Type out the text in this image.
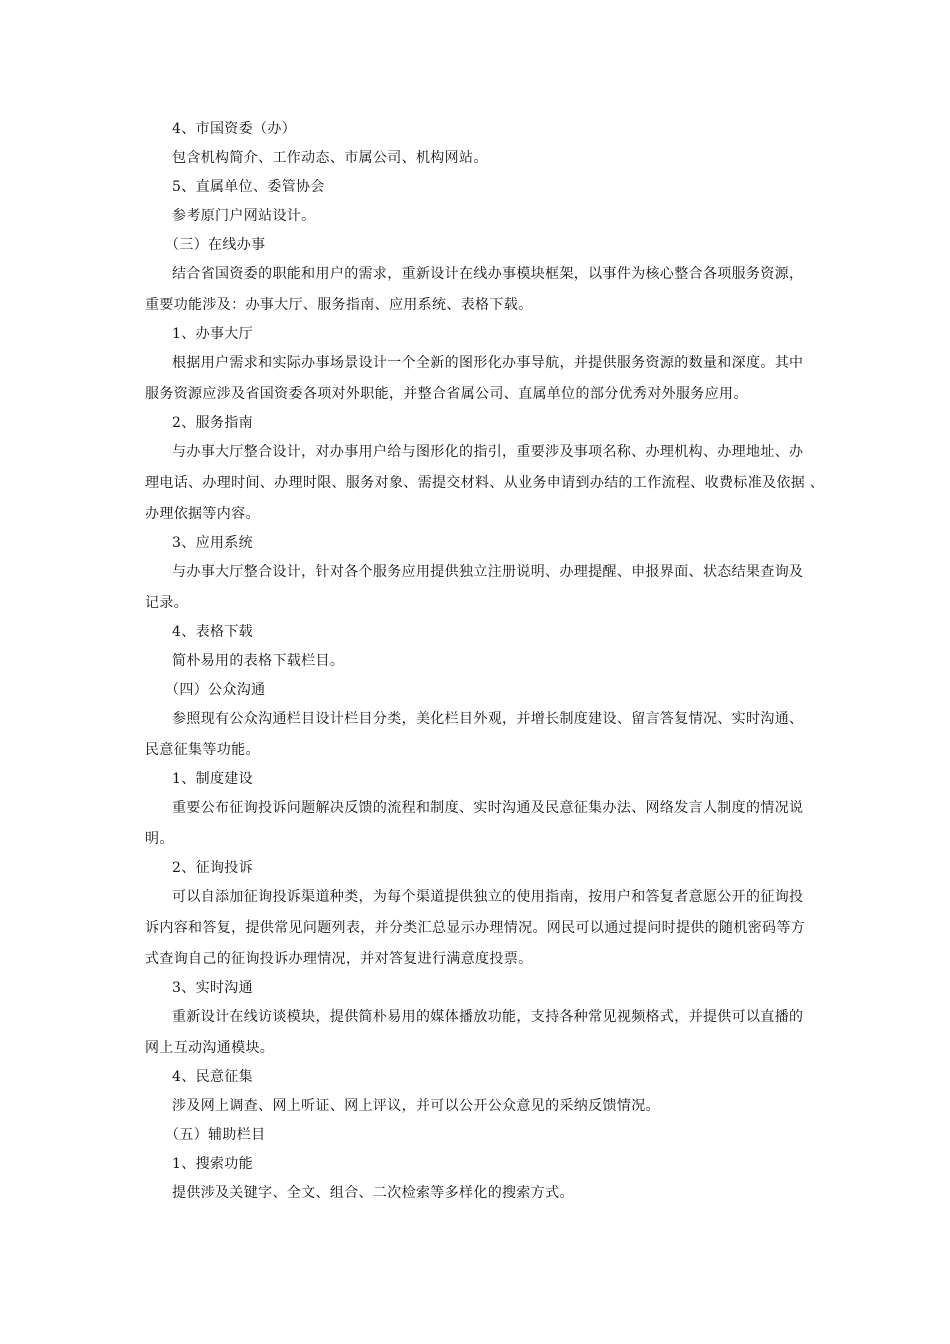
4、市国资委（办）

包含机构简介、工作动态、市属公司、机构网站。

5、直属单位、委管协会

参考原门户网站设计。

（三）在线办事

结合省国资委的职能和用户的需求，重新设计在线办事模块框架，以事件为核心整合各项服务资源，

重要功能涉及：办事大厅、服务指南、应用系统、表格下载。

1、办事大厅

根据用户需求和实际办事场景设计一个全新的图形化办事导航，并提供服务资源的数量和深度。其中

服务资源应涉及省国资委各项对外职能，并整合省属公司、直属单位的部分优秀对外服务应用。

2、服务指南

与办事大厅整合设计，对办事用户给与图形化的指引，重要涉及事项名称、办理机构、办理地址、办

理电话、办理时间、办理时限、服务对象、需提交材料、从业务申请到办结的工作流程、收费标准及依据 、

办理依据等内容。

3、应用系统

与办事大厅整合设计，针对各个服务应用提供独立注册说明、办理提醒、申报界面、状态结果查询及

记录。

4、表格下载

简朴易用的表格下载栏目。

（四）公众沟通

参照现有公众沟通栏目设计栏目分类，美化栏目外观，并增长制度建设、留言答复情况、实时沟通、

民意征集等功能。

1、制度建设

重要公布征询投诉问题解决反馈的流程和制度、实时沟通及民意征集办法、网络发言人制度的情况说

明。

2、征询投诉

可以自添加征询投诉渠道种类，为每个渠道提供独立的使用指南，按用户和答复者意愿公开的征询投

诉内容和答复，提供常见问题列表，并分类汇总显示办理情况。网民可以通过提问时提供的随机密码等方

式查询自己的征询投诉办理情况，并对答复进行满意度投票。

3、实时沟通

重新设计在线访谈模块，提供简朴易用的媒体播放功能，支持各种常见视频格式，并提供可以直播的

网上互动沟通模块。

4、民意征集

涉及网上调查、网上听证、网上评议，并可以公开公众意见的采纳反馈情况。

（五）辅助栏目
1、搜索功能

提供涉及关键字、全文、组合、二次检索等多样化的搜索方式。
